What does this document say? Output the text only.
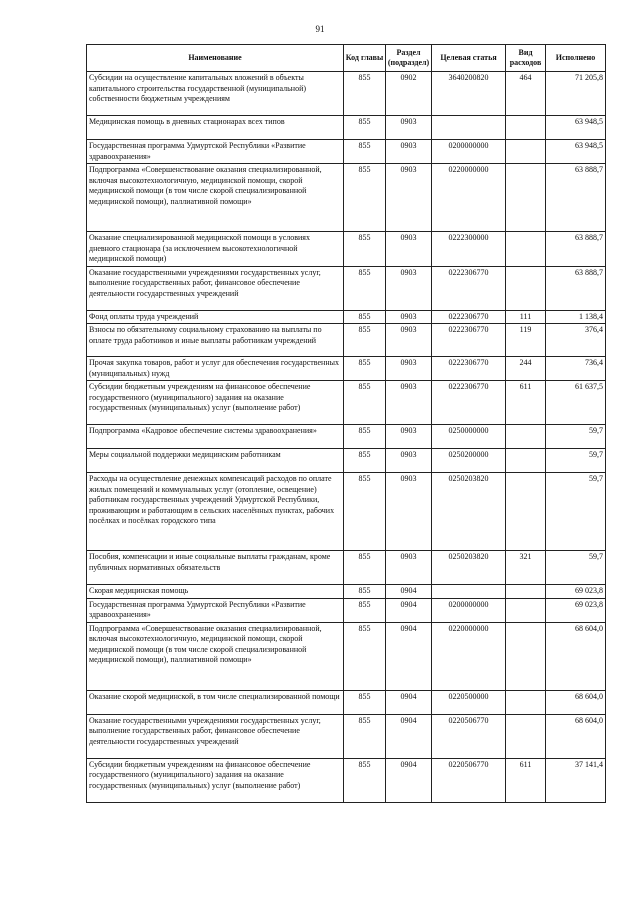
91
Наименование	Код главы	Раздел (подраздел)	Целевая статья	Вид расходов	Исполнено
Субсидии на осуществление капитальных вложений в объекты капитального строительства государственной (муниципальной) собственности бюджетным учреждениям	855	0902	3640200820	464	71 205,8
Медицинская помощь в дневных стационарах всех типов	855	0903			63 948,5
Государственная программа Удмуртской Республики «Развитие здравоохранения»	855	0903	0200000000		63 948,5
Подпрограмма «Совершенствование оказания специализированной, включая высокотехнологичную, медицинской помощи, скорой медицинской помощи (в том числе скорой специализированной медицинской помощи), паллиативной помощи»	855	0903	0220000000		63 888,7
Оказание специализированной медицинской помощи в условиях дневного стационара (за исключением высокотехнологичной медицинской помощи)	855	0903	0222300000		63 888,7
Оказание государственными учреждениями государственных услуг, выполнение государственных работ, финансовое обеспечение деятельности государственных учреждений	855	0903	0222306770		63 888,7
Фонд оплаты труда учреждений	855	0903	0222306770	111	1 138,4
Взносы по обязательному социальному страхованию на выплаты по оплате труда работников и иные выплаты работникам учреждений	855	0903	0222306770	119	376,4
Прочая закупка товаров, работ и услуг для обеспечения государственных (муниципальных) нужд	855	0903	0222306770	244	736,4
Субсидии бюджетным учреждениям на финансовое обеспечение государственного (муниципального) задания на оказание государственных (муниципальных) услуг (выполнение работ)	855	0903	0222306770	611	61 637,5
Подпрограмма «Кадровое обеспечение системы здравоохранения»	855	0903	0250000000		59,7
Меры социальной поддержки медицинским работникам	855	0903	0250200000		59,7
Расходы на осуществление денежных компенсаций расходов по оплате жилых помещений и коммунальных услуг (отопление, освещение) работникам государственных учреждений Удмуртской Республики, проживающим и работающим в сельских населённых пунктах, рабочих посёлках и посёлках городского типа	855	0903	0250203820		59,7
Пособия, компенсации и иные социальные выплаты гражданам, кроме публичных нормативных обязательств	855	0903	0250203820	321	59,7
Скорая медицинская помощь	855	0904			69 023,8
Государственная программа Удмуртской Республики «Развитие здравоохранения»	855	0904	0200000000		69 023,8
Подпрограмма «Совершенствование оказания специализированной, включая высокотехнологичную, медицинской помощи, скорой медицинской помощи (в том числе скорой специализированной медицинской помощи), паллиативной помощи»	855	0904	0220000000		68 604,0
Оказание скорой медицинской, в том числе специализированной помощи	855	0904	0220500000		68 604,0
Оказание государственными учреждениями государственных услуг, выполнение государственных работ, финансовое обеспечение деятельности государственных учреждений	855	0904	0220506770		68 604,0
Субсидии бюджетным учреждениям на финансовое обеспечение государственного (муниципального) задания на оказание государственных (муниципальных) услуг (выполнение работ)	855	0904	0220506770	611	37 141,4
